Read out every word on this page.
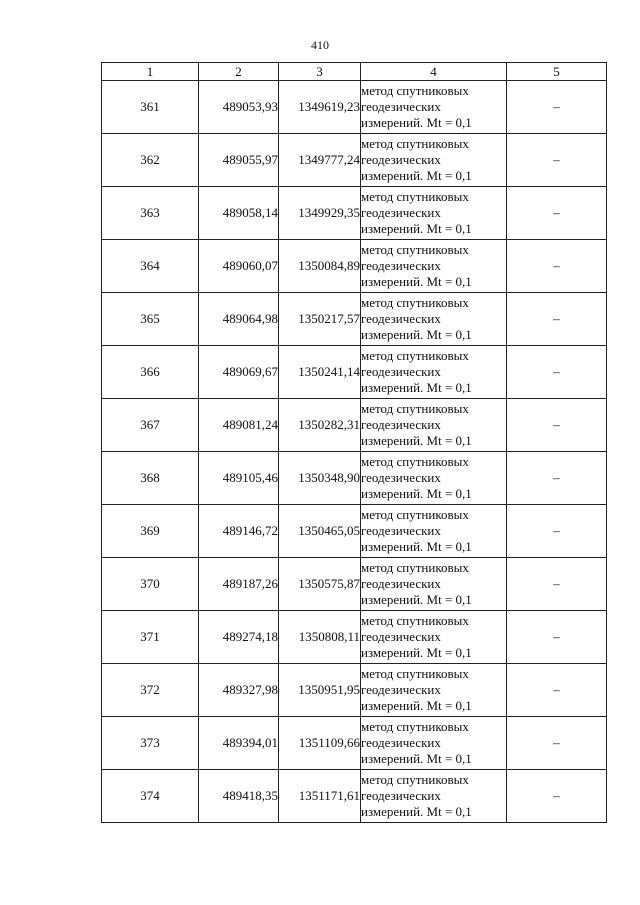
410
1	2	3	4	5
361	489053,93	1349619,23	метод спутниковых геодезических измерений. Mt = 0,1	–
362	489055,97	1349777,24	метод спутниковых геодезических измерений. Mt = 0,1	–
363	489058,14	1349929,35	метод спутниковых геодезических измерений. Mt = 0,1	–
364	489060,07	1350084,89	метод спутниковых геодезических измерений. Mt = 0,1	–
365	489064,98	1350217,57	метод спутниковых геодезических измерений. Mt = 0,1	–
366	489069,67	1350241,14	метод спутниковых геодезических измерений. Mt = 0,1	–
367	489081,24	1350282,31	метод спутниковых геодезических измерений. Mt = 0,1	–
368	489105,46	1350348,90	метод спутниковых геодезических измерений. Mt = 0,1	–
369	489146,72	1350465,05	метод спутниковых геодезических измерений. Mt = 0,1	–
370	489187,26	1350575,87	метод спутниковых геодезических измерений. Mt = 0,1	–
371	489274,18	1350808,11	метод спутниковых геодезических измерений. Mt = 0,1	–
372	489327,98	1350951,95	метод спутниковых геодезических измерений. Mt = 0,1	–
373	489394,01	1351109,66	метод спутниковых геодезических измерений. Mt = 0,1	–
374	489418,35	1351171,61	метод спутниковых геодезических измерений. Mt = 0,1	–
